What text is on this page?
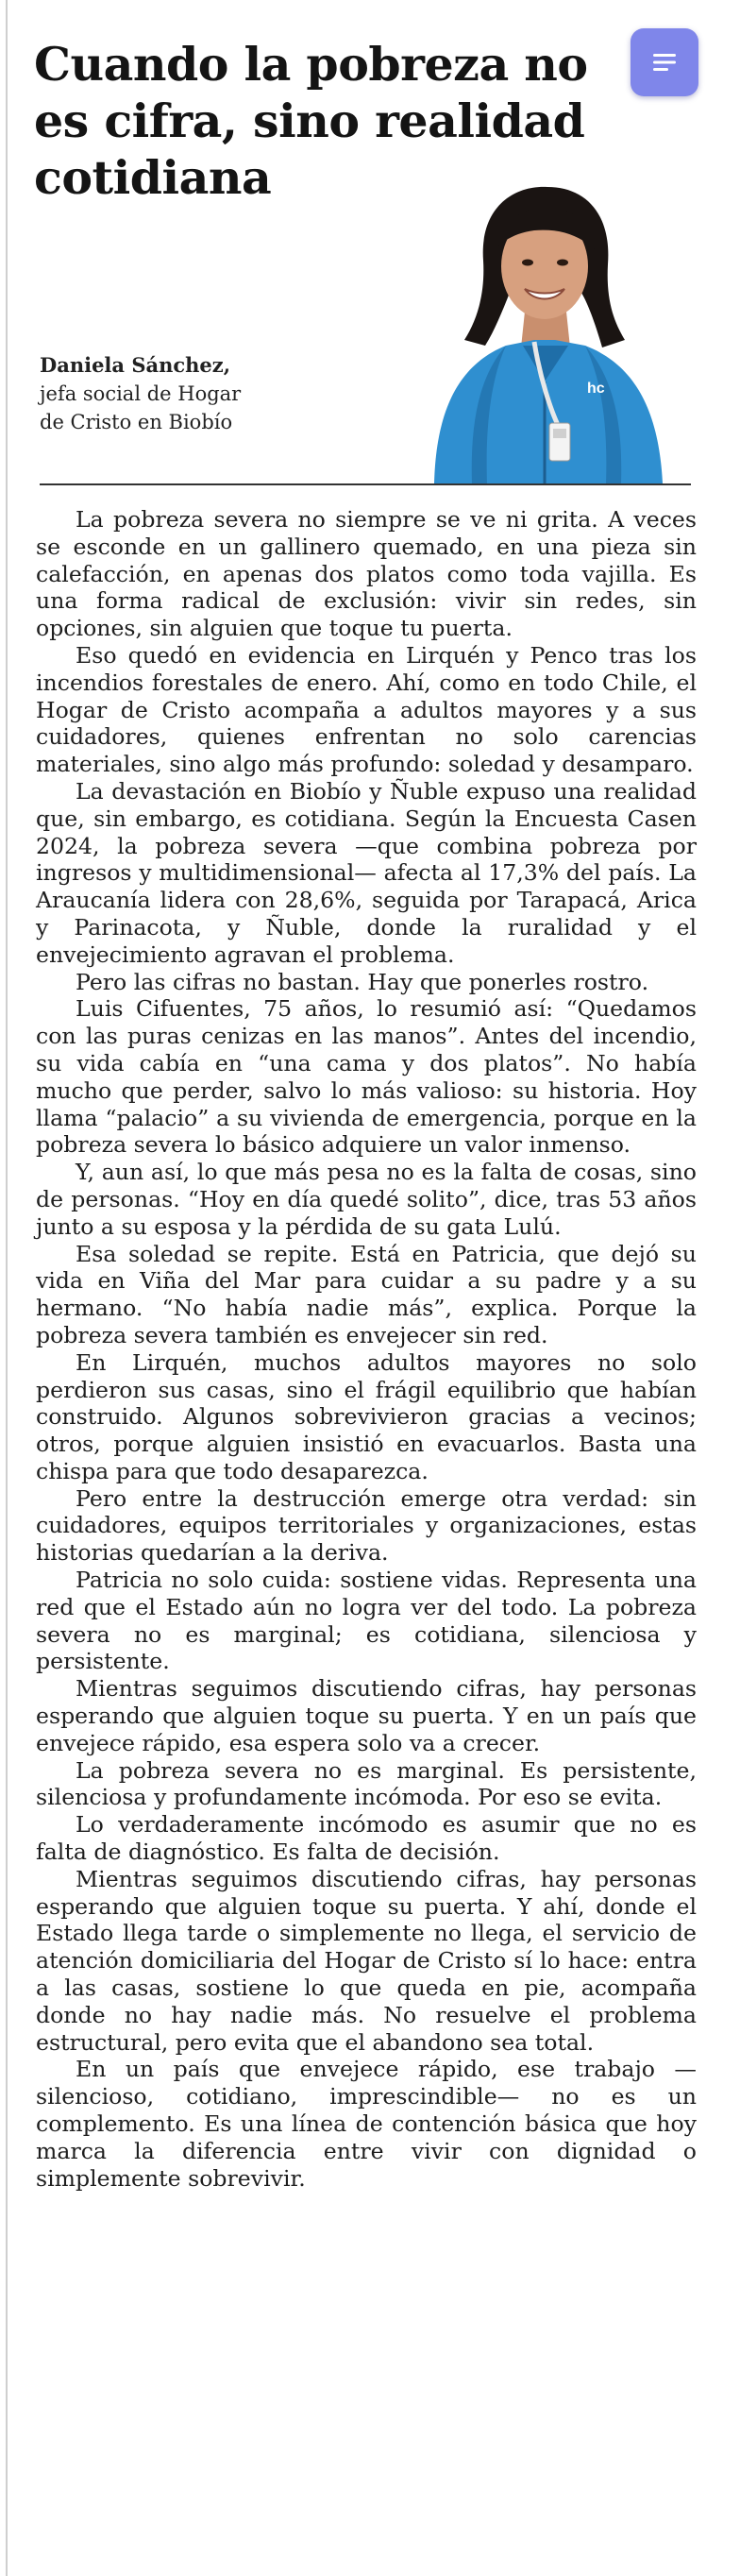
Cuando la pobreza no es cifra, sino realidad cotidiana
Daniela Sánchez,
jefa social de Hogar
de Cristo en Biobío
hc

La pobreza severa no siempre se ve ni grita. A veces se esconde en un gallinero quemado, en una pieza sin calefacción, en apenas dos platos como toda vajilla. Es una forma radical de exclusión: vivir sin redes, sin opciones, sin alguien que toque tu puerta.

Eso quedó en evidencia en Lirquén y Penco tras los incendios forestales de enero. Ahí, como en todo Chile, el Hogar de Cristo acompaña a adultos mayores y a sus cuidadores, quienes enfrentan no solo carencias materiales, sino algo más profundo: soledad y desamparo.

La devastación en Biobío y Ñuble expuso una realidad que, sin embargo, es cotidiana. Según la Encuesta Casen 2024, la pobreza severa —que combina pobreza por ingresos y multidimensional— afecta al 17,3% del país. La Araucanía lidera con 28,6%, seguida por Tarapacá, Arica y Parinacota, y Ñuble, donde la ruralidad y el envejecimiento agravan el problema.

Pero las cifras no bastan. Hay que ponerles rostro.

Luis Cifuentes, 75 años, lo resumió así: “Quedamos con las puras cenizas en las manos”. Antes del incendio, su vida cabía en “una cama y dos platos”. No había mucho que perder, salvo lo más valioso: su historia. Hoy llama “palacio” a su vivienda de emergencia, porque en la pobreza severa lo básico adquiere un valor inmenso.

Y, aun así, lo que más pesa no es la falta de cosas, sino de personas. “Hoy en día quedé solito”, dice, tras 53 años junto a su esposa y la pérdida de su gata Lulú.

Esa soledad se repite. Está en Patricia, que dejó su vida en Viña del Mar para cuidar a su padre y a su hermano. “No había nadie más”, explica. Porque la pobreza severa también es envejecer sin red.

En Lirquén, muchos adultos mayores no solo perdieron sus casas, sino el frágil equilibrio que habían construido. Algunos sobrevivieron gracias a vecinos; otros, porque alguien insistió en evacuarlos. Basta una chispa para que todo desaparezca.

Pero entre la destrucción emerge otra verdad: sin cuidadores, equipos territoriales y organizaciones, estas historias quedarían a la deriva.

Patricia no solo cuida: sostiene vidas. Representa una red que el Estado aún no logra ver del todo. La pobreza severa no es marginal; es cotidiana, silenciosa y persistente.

Mientras seguimos discutiendo cifras, hay personas esperando que alguien toque su puerta. Y en un país que envejece rápido, esa espera solo va a crecer.

La pobreza severa no es marginal. Es persistente, silenciosa y profundamente incómoda. Por eso se evita.

Lo verdaderamente incómodo es asumir que no es falta de diagnóstico. Es falta de decisión.

Mientras seguimos discutiendo cifras, hay personas esperando que alguien toque su puerta. Y ahí, donde el Estado llega tarde o simplemente no llega, el servicio de atención domiciliaria del Hogar de Cristo sí lo hace: entra a las casas, sostiene lo que queda en pie, acompaña donde no hay nadie más. No resuelve el problema estructural, pero evita que el abandono sea total.

En un país que envejece rápido, ese trabajo —silencioso, cotidiano, imprescindible— no es un complemento. Es una línea de contención básica que hoy marca la diferencia entre vivir con dignidad o simplemente sobrevivir.
